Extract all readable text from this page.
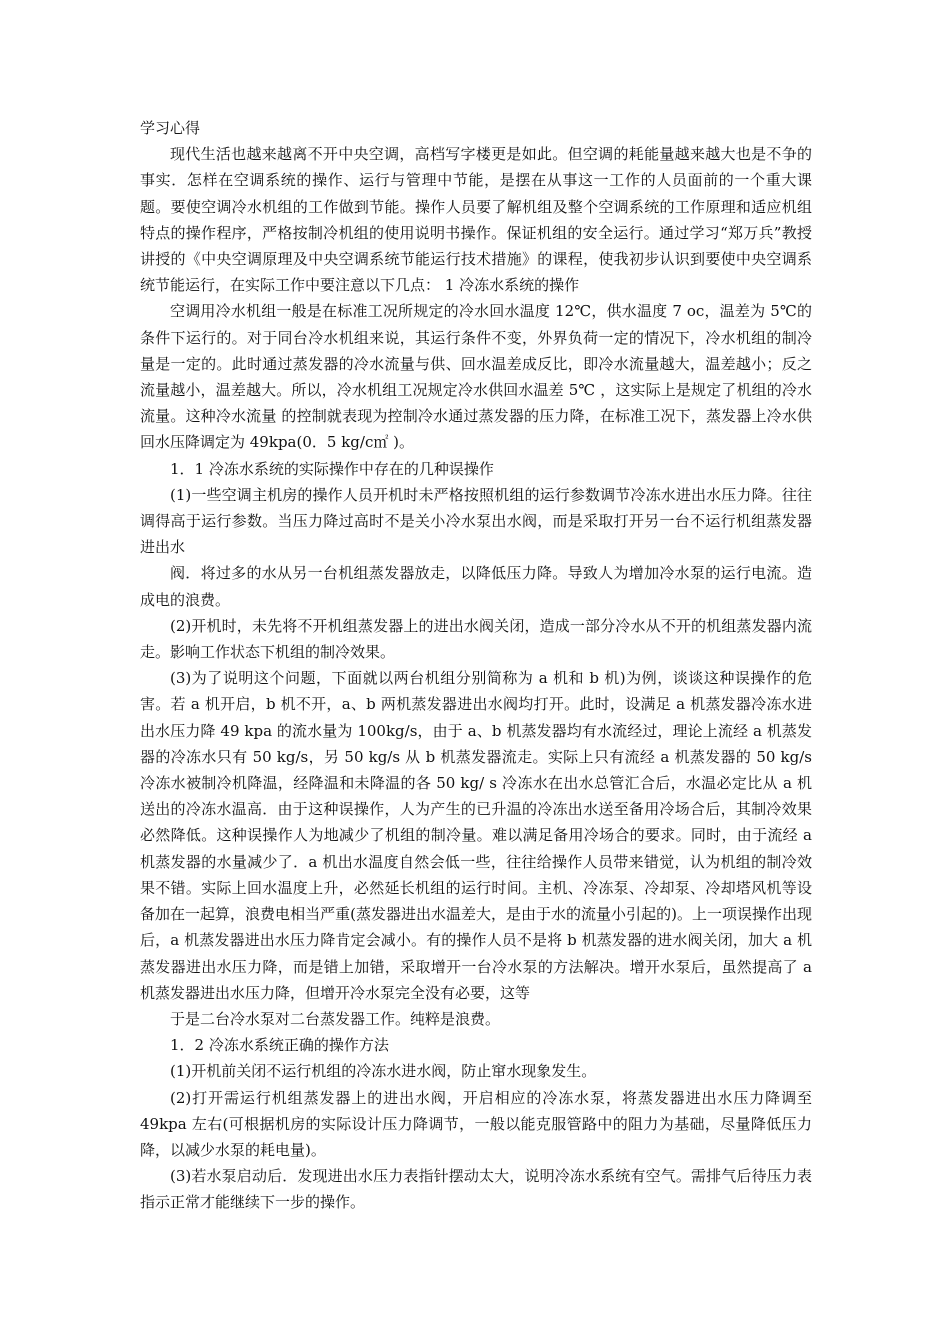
学习心得

现代生活也越来越离不开中央空调，高档写字楼更是如此。但空调的耗能量越来越大也是不争的事实．怎样在空调系统的操作、运行与管理中节能，是摆在从事这一工作的人员面前的一个重大课题。要使空调冷水机组的工作做到节能。操作人员要了解机组及整个空调系统的工作原理和适应机组特点的操作程序，严格按制冷机组的使用说明书操作。保证机组的安全运行。通过学习“郑万兵”教授讲授的《中央空调原理及中央空调系统节能运行技术措施》的课程，使我初步认识到要使中央空调系统节能运行，在实际工作中要注意以下几点： 1 冷冻水系统的操作

空调用冷水机组一般是在标准工况所规定的冷水回水温度 12℃，供水温度 7 oc，温差为 5℃的条件下运行的。对于同台冷水机组来说，其运行条件不变，外界负荷一定的情况下，冷水机组的制冷量是一定的。此时通过蒸发器的冷水流量与供、回水温差成反比，即冷水流量越大，温差越小；反之流量越小，温差越大。所以，冷水机组工况规定冷水供回水温差 5℃ ，这实际上是规定了机组的冷水流量。这种冷水流量 的控制就表现为控制冷水通过蒸发器的压力降，在标准工况下，蒸发器上冷水供回水压降调定为 49kpa(0．5 kg/c㎡ )。

1．1 冷冻水系统的实际操作中存在的几种误操作

(1)一些空调主机房的操作人员开机时未严格按照机组的运行参数调节冷冻水进出水压力降。往往调得高于运行参数。当压力降过高时不是关小冷水泵出水阀，而是采取打开另一台不运行机组蒸发器进出水

阀．将过多的水从另一台机组蒸发器放走，以降低压力降。导致人为增加冷水泵的运行电流。造成电的浪费。

(2)开机时，未先将不开机组蒸发器上的进出水阀关闭，造成一部分冷水从不开的机组蒸发器内流走。影响工作状态下机组的制冷效果。

(3)为了说明这个问题，下面就以两台机组分别简称为 a 机和 b 机)为例，谈谈这种误操作的危害。若 a 机开启，b 机不开，a、b 两机蒸发器进出水阀均打开。此时，设满足 a 机蒸发器冷冻水进出水压力降 49 kpa 的流水量为 100kg/s，由于 a、b 机蒸发器均有水流经过，理论上流经 a 机蒸发器的冷冻水只有 50 kg/s，另 50 kg/s 从 b 机蒸发器流走。实际上只有流经 a 机蒸发器的 50 kg/s 冷冻水被制冷机降温，经降温和未降温的各 50 kg/ s 冷冻水在出水总管汇合后，水温必定比从 a 机送出的冷冻水温高．由于这种误操作，人为产生的已升温的冷冻出水送至备用冷场合后，其制冷效果必然降低。这种误操作人为地减少了机组的制冷量。难以满足备用冷场合的要求。同时，由于流经 a 机蒸发器的水量减少了．a 机出水温度自然会低一些，往往给操作人员带来错觉，认为机组的制冷效果不错。实际上回水温度上升，必然延长机组的运行时间。主机、冷冻泵、冷却泵、冷却塔风机等设备加在一起算，浪费电相当严重(蒸发器进出水温差大，是由于水的流量小引起的)。上一项误操作出现后，a 机蒸发器进出水压力降肯定会减小。有的操作人员不是将 b 机蒸发器的进水阀关闭，加大 a 机蒸发器进出水压力降，而是错上加错，采取增开一台冷水泵的方法解决。增开水泵后，虽然提高了 a 机蒸发器进出水压力降，但增开冷水泵完全没有必要，这等

于是二台冷水泵对二台蒸发器工作。纯粹是浪费。

1．2 冷冻水系统正确的操作方法

(1)开机前关闭不运行机组的冷冻水进水阀，防止窜水现象发生。

(2)打开需运行机组蒸发器上的进出水阀，开启相应的冷冻水泵，将蒸发器进出水压力降调至 49kpa 左右(可根据机房的实际设计压力降调节，一般以能克服管路中的阻力为基础，尽量降低压力降，以减少水泵的耗电量)。

(3)若水泵启动后．发现进出水压力表指针摆动太大，说明冷冻水系统有空气。需排气后待压力表指示正常才能继续下一步的操作。
